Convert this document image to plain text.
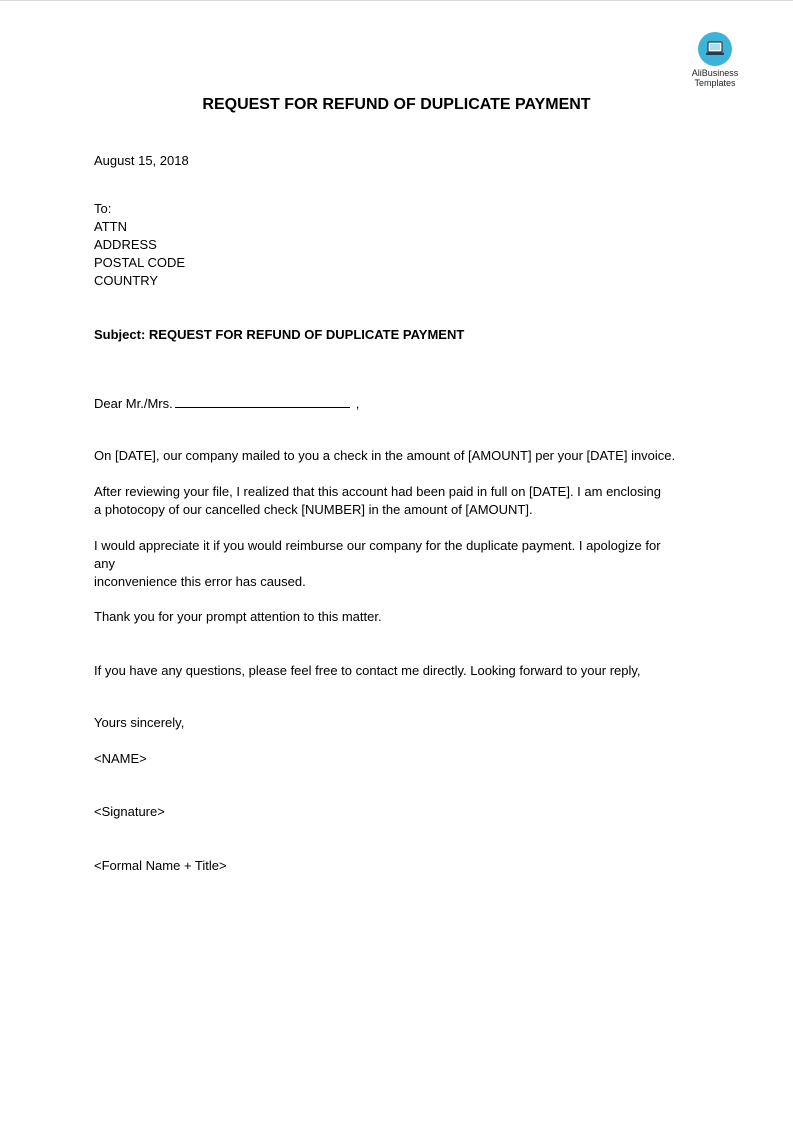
AliBusiness
Templates
REQUEST FOR REFUND OF DUPLICATE PAYMENT
August 15, 2018
To:
ATTN
ADDRESS
POSTAL CODE
COUNTRY
Subject: REQUEST FOR REFUND OF DUPLICATE PAYMENT
Dear Mr./Mrs.	,
On [DATE], our company mailed to you a check in the amount of [AMOUNT] per your [DATE] invoice.
After reviewing your file, I realized that this account had been paid in full on [DATE]. I am enclosing
a photocopy of our cancelled check [NUMBER] in the amount of [AMOUNT].
I would appreciate it if you would reimburse our company for the duplicate payment. I apologize for
any
inconvenience this error has caused.
Thank you for your prompt attention to this matter.
If you have any questions, please feel free to contact me directly. Looking forward to your reply,
Yours sincerely,
<NAME>
<Signature>
<Formal Name + Title>
